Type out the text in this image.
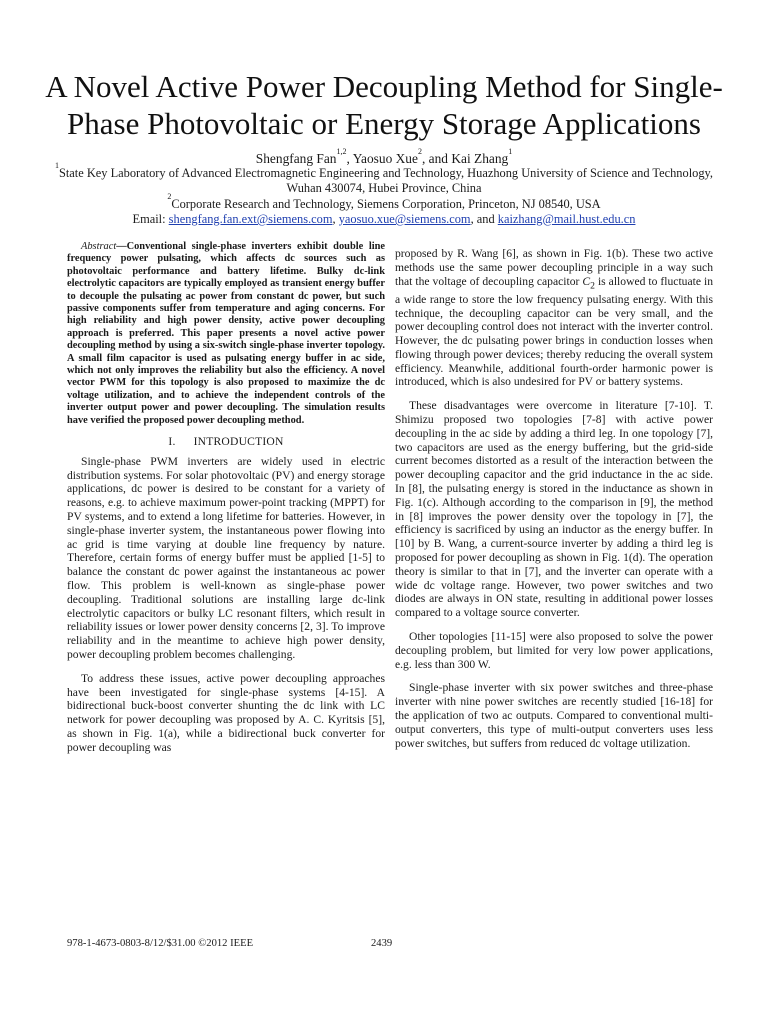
A Novel Active Power Decoupling Method for Single-
Phase Photovoltaic or Energy Storage Applications

Shengfang Fan$^{1,2}$, Yaosuo Xue$^2$, and Kai Zhang$^1$

$^1$State Key Laboratory of Advanced Electromagnetic Engineering and Technology, Huazhong University of Science and Technology,
Wuhan 430074, Hubei Province, China

$^2$Corporate Research and Technology, Siemens Corporation, Princeton, NJ 08540, USA

Email: shengfang.fan.ext@siemens.com, yaosuo.xue@siemens.com, and kaizhang@mail.hust.edu.cn

Abstract—Conventional single-phase inverters exhibit double line frequency power pulsating, which affects dc sources such as photovoltaic performance and battery lifetime. Bulky dc-link electrolytic capacitors are typically employed as transient energy buffer to decouple the pulsating ac power from constant dc power, but such passive components suffer from temperature and aging concerns. For high reliability and high power density, active power decoupling approach is preferred. This paper presents a novel active power decoupling method by using a six-switch single-phase inverter topology. A small film capacitor is used as pulsating energy buffer in ac side, which not only improves the reliability but also the efficiency. A novel vector PWM for this topology is also proposed to maximize the dc voltage utilization, and to achieve the independent controls of the inverter output power and power decoupling. The simulation results have verified the proposed power decoupling method.

I. INTRODUCTION

Single-phase PWM inverters are widely used in electric distribution systems. For solar photovoltaic (PV) and energy storage applications, dc power is desired to be constant for a variety of reasons, e.g. to achieve maximum power-point tracking (MPPT) for PV systems, and to extend a long lifetime for batteries. However, in single-phase inverter system, the instantaneous power flowing into ac grid is time varying at double line frequency by nature. Therefore, certain forms of energy buffer must be applied [1-5] to balance the constant dc power against the instantaneous ac power flow. This problem is well-known as single-phase power decoupling. Traditional solutions are installing large dc-link electrolytic capacitors or bulky LC resonant filters, which result in reliability issues or lower power density concerns [2, 3]. To improve reliability and in the meantime to achieve high power density, power decoupling problem becomes challenging.

To address these issues, active power decoupling approaches have been investigated for single-phase systems [4-15]. A bidirectional buck-boost converter shunting the dc link with LC network for power decoupling was proposed by A. C. Kyritsis [5], as shown in Fig. 1(a), while a bidirectional buck converter for power decoupling was

proposed by R. Wang [6], as shown in Fig. 1(b). These two active methods use the same power decoupling principle in a way such that the voltage of decoupling capacitor $C_2$ is allowed to fluctuate in a wide range to store the low frequency pulsating energy. With this technique, the decoupling capacitor can be very small, and the power decoupling control does not interact with the inverter control. However, the dc pulsating power brings in conduction losses when flowing through power devices; thereby reducing the overall system efficiency. Meanwhile, additional fourth-order harmonic power is introduced, which is also undesired for PV or battery systems.

These disadvantages were overcome in literature [7-10]. T. Shimizu proposed two topologies [7-8] with active power decoupling in the ac side by adding a third leg. In one topology [7], two capacitors are used as the energy buffering, but the grid-side current becomes distorted as a result of the interaction between the power decoupling capacitor and the grid inductance in the ac side. In [8], the pulsating energy is stored in the inductance as shown in Fig. 1(c). Although according to the comparison in [9], the method in [8] improves the power density over the topology in [7], the efficiency is sacrificed by using an inductor as the energy buffer. In [10] by B. Wang, a current-source inverter by adding a third leg is proposed for power decoupling as shown in Fig. 1(d). The operation theory is similar to that in [7], and the inverter can operate with a wide dc voltage range. However, two power switches and two diodes are always in ON state, resulting in additional power losses compared to a voltage source converter.

Other topologies [11-15] were also proposed to solve the power decoupling problem, but limited for very low power applications, e.g. less than 300 W.

Single-phase inverter with six power switches and three-phase inverter with nine power switches are recently studied [16-18] for the application of two ac outputs. Compared to conventional multi-output converters, this type of multi-output converters uses less power switches, but suffers from reduced dc voltage utilization.

978-1-4673-0803-8/12/$31.00 ©2012 IEEE	2439
